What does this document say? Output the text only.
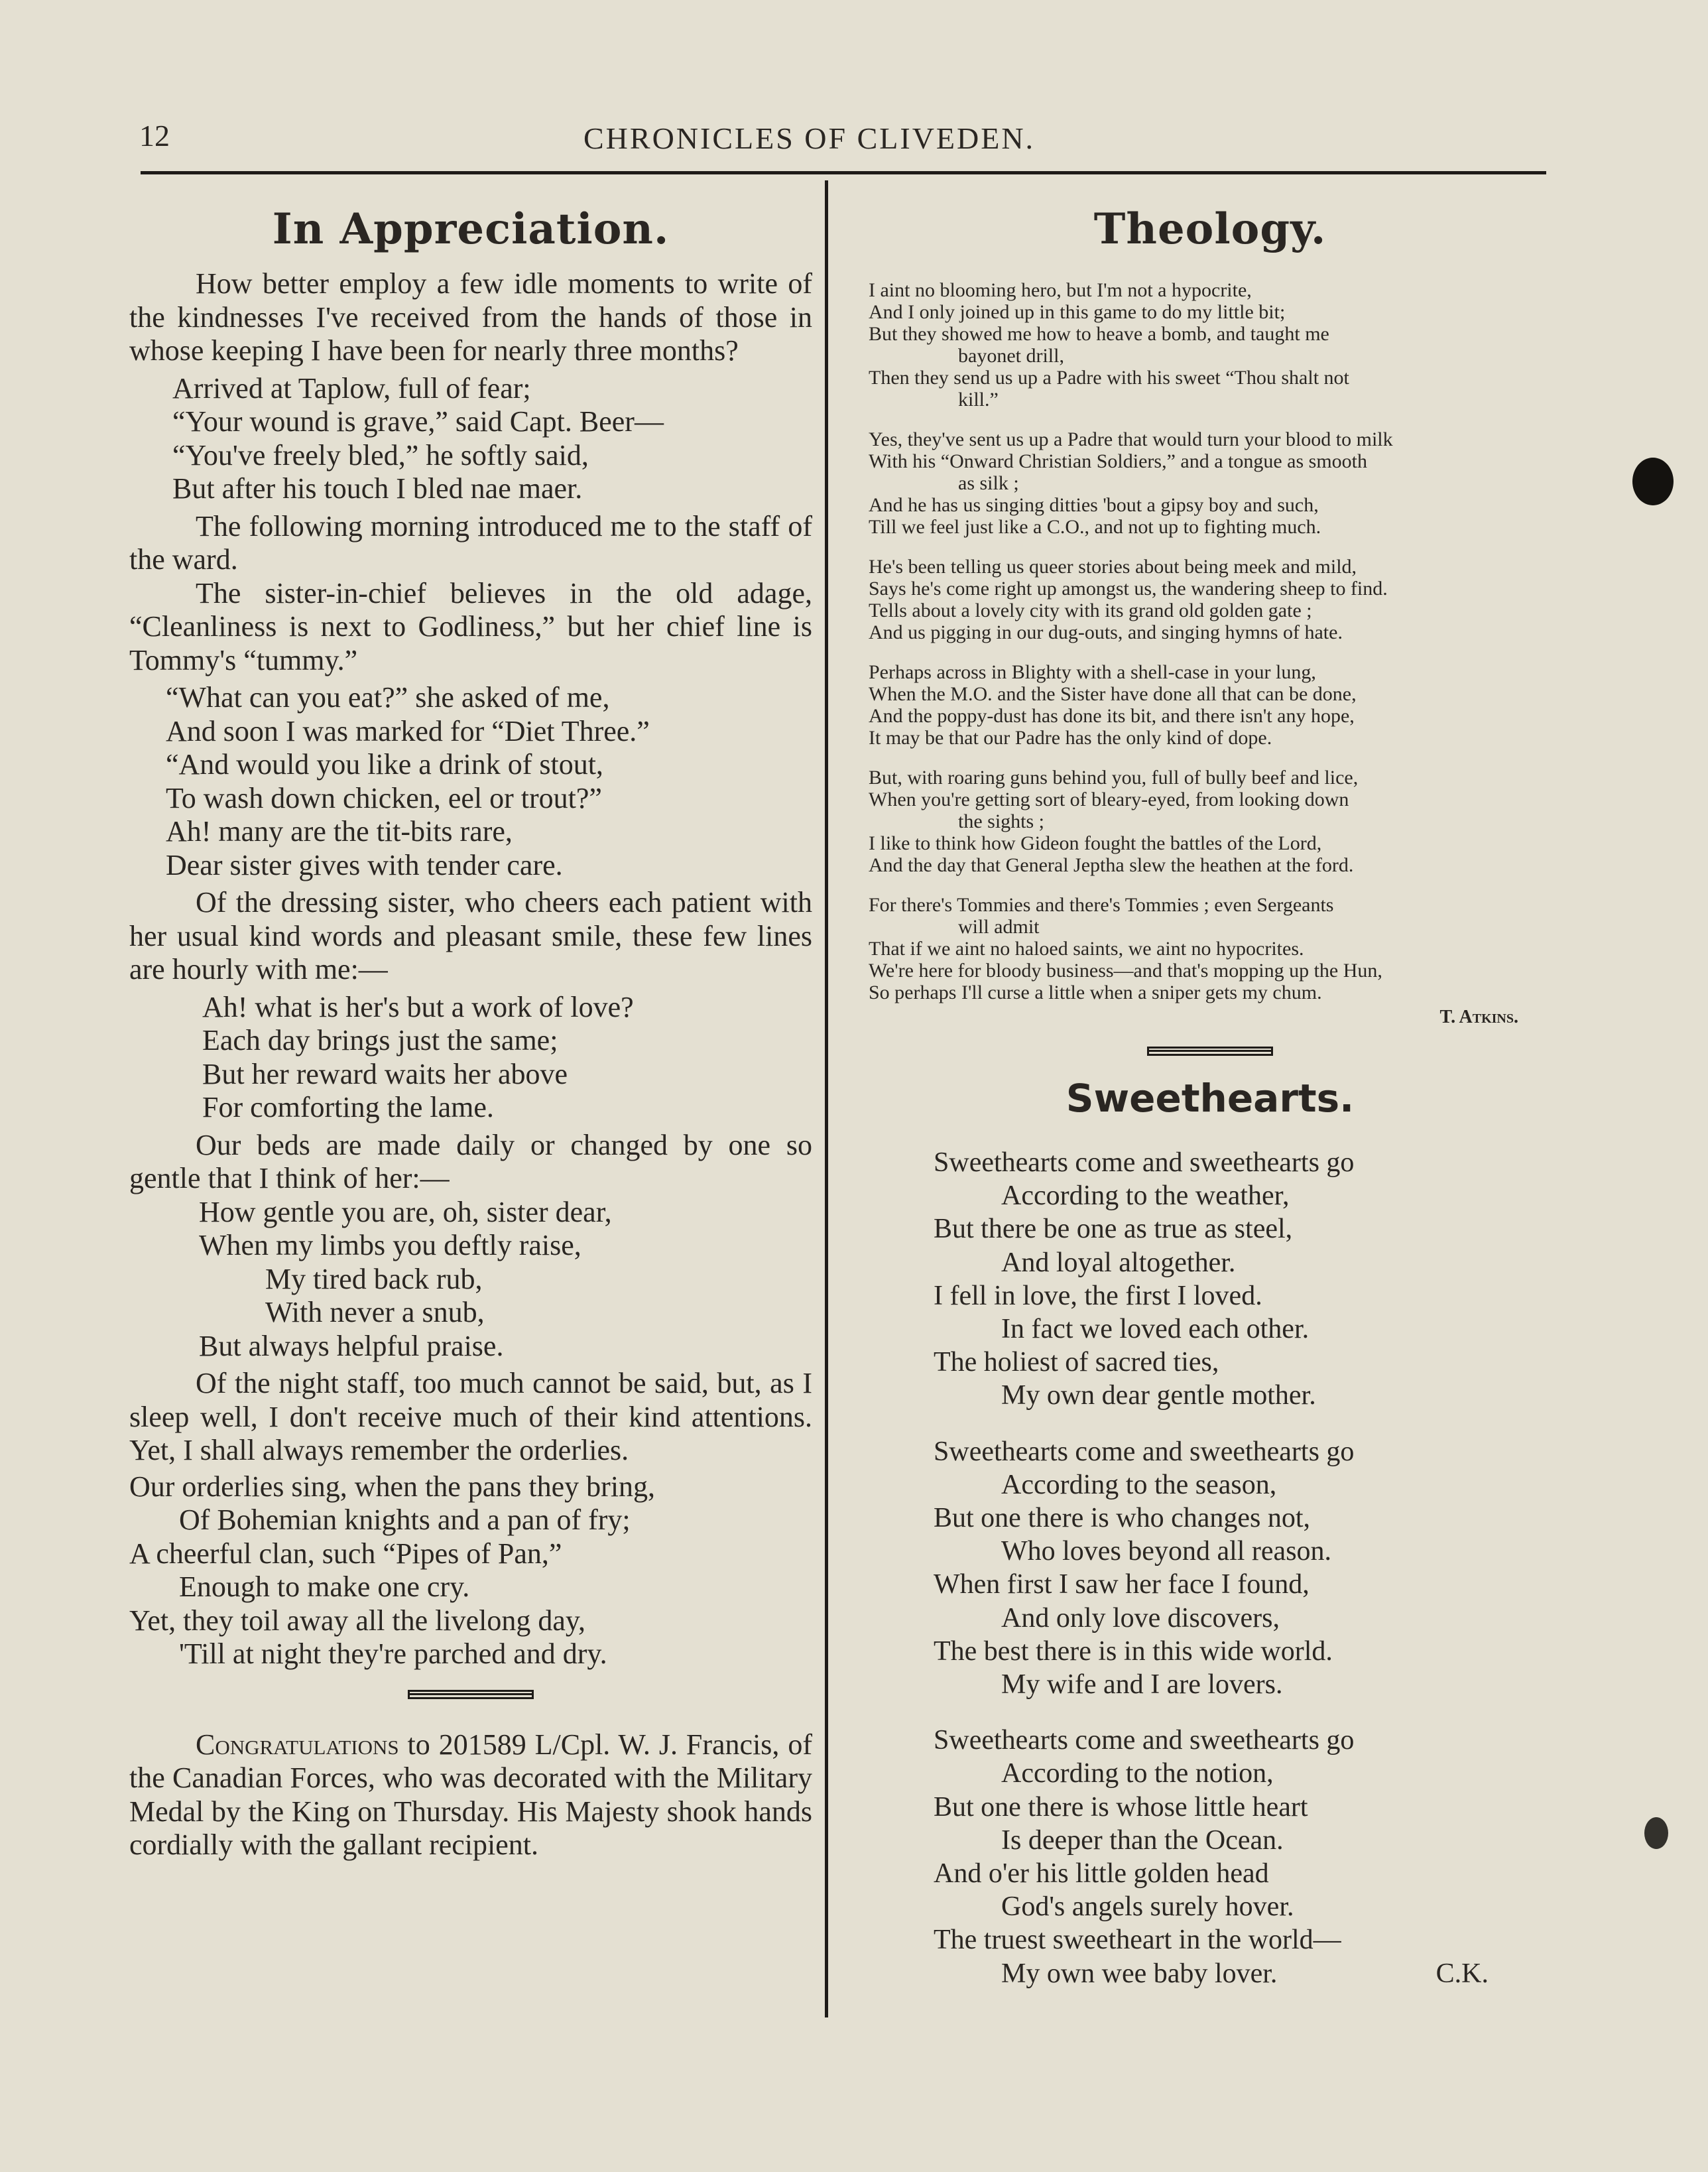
12	CHRONICLES OF CLIVEDEN.
In Appreciation.

How better employ a few idle moments to write of the kindnesses I've received from the hands of those in whose keeping I have been for nearly three months?

Arrived at Taplow, full of fear;
“Your wound is grave,” said Capt. Beer—
“You've freely bled,” he softly said,
But after his touch I bled nae maer.

The following morning introduced me to the staff of the ward.

The sister-in-chief believes in the old adage, “Cleanliness is next to Godliness,” but her chief line is Tommy's “tummy.”

“What can you eat?” she asked of me,
And soon I was marked for “Diet Three.”
“And would you like a drink of stout,
To wash down chicken, eel or trout?”
Ah! many are the tit-bits rare,
Dear sister gives with tender care.

Of the dressing sister, who cheers each patient with her usual kind words and pleasant smile, these few lines are hourly with me:—

Ah! what is her's but a work of love?
Each day brings just the same;
But her reward waits her above
For comforting the lame.

Our beds are made daily or changed by one so gentle that I think of her:—

How gentle you are, oh, sister dear,
When my limbs you deftly raise,
My tired back rub,
With never a snub,
But always helpful praise.

Of the night staff, too much cannot be said, but, as I sleep well, I don't receive much of their kind attentions. Yet, I shall always remember the orderlies.

Our orderlies sing, when the pans they bring,
Of Bohemian knights and a pan of fry;
A cheerful clan, such “Pipes of Pan,”
Enough to make one cry.
Yet, they toil away all the livelong day,
'Till at night they're parched and dry.

Congratulations to 201589 L/Cpl. W. J. Francis, of the Canadian Forces, who was decorated with the Military Medal by the King on Thursday. His Majesty shook hands cordially with the gallant recipient.

Theology.
I aint no blooming hero, but I'm not a hypocrite,
And I only joined up in this game to do my little bit;
But they showed me how to heave a bomb, and taught me
bayonet drill,
Then they send us up a Padre with his sweet “Thou shalt not
kill.”
Yes, they've sent us up a Padre that would turn your blood to milk
With his “Onward Christian Soldiers,” and a tongue as smooth
as silk ;
And he has us singing ditties 'bout a gipsy boy and such,
Till we feel just like a C.O., and not up to fighting much.
He's been telling us queer stories about being meek and mild,
Says he's come right up amongst us, the wandering sheep to find.
Tells about a lovely city with its grand old golden gate ;
And us pigging in our dug-outs, and singing hymns of hate.
Perhaps across in Blighty with a shell-case in your lung,
When the M.O. and the Sister have done all that can be done,
And the poppy-dust has done its bit, and there isn't any hope,
It may be that our Padre has the only kind of dope.
But, with roaring guns behind you, full of bully beef and lice,
When you're getting sort of bleary-eyed, from looking down
the sights ;
I like to think how Gideon fought the battles of the Lord,
And the day that General Jeptha slew the heathen at the ford.
For there's Tommies and there's Tommies ; even Sergeants
will admit
That if we aint no haloed saints, we aint no hypocrites.
We're here for bloody business—and that's mopping up the Hun,
So perhaps I'll curse a little when a sniper gets my chum.
T. Atkins.
Sweethearts.
Sweethearts come and sweethearts go
According to the weather,
But there be one as true as steel,
And loyal altogether.
I fell in love, the first I loved.
In fact we loved each other.
The holiest of sacred ties,
My own dear gentle mother.
Sweethearts come and sweethearts go
According to the season,
But one there is who changes not,
Who loves beyond all reason.
When first I saw her face I found,
And only love discovers,
The best there is in this wide world.
My wife and I are lovers.
Sweethearts come and sweethearts go
According to the notion,
But one there is whose little heart
Is deeper than the Ocean.
And o'er his little golden head
God's angels surely hover.
The truest sweetheart in the world—
My own wee baby lover.	C.K.
